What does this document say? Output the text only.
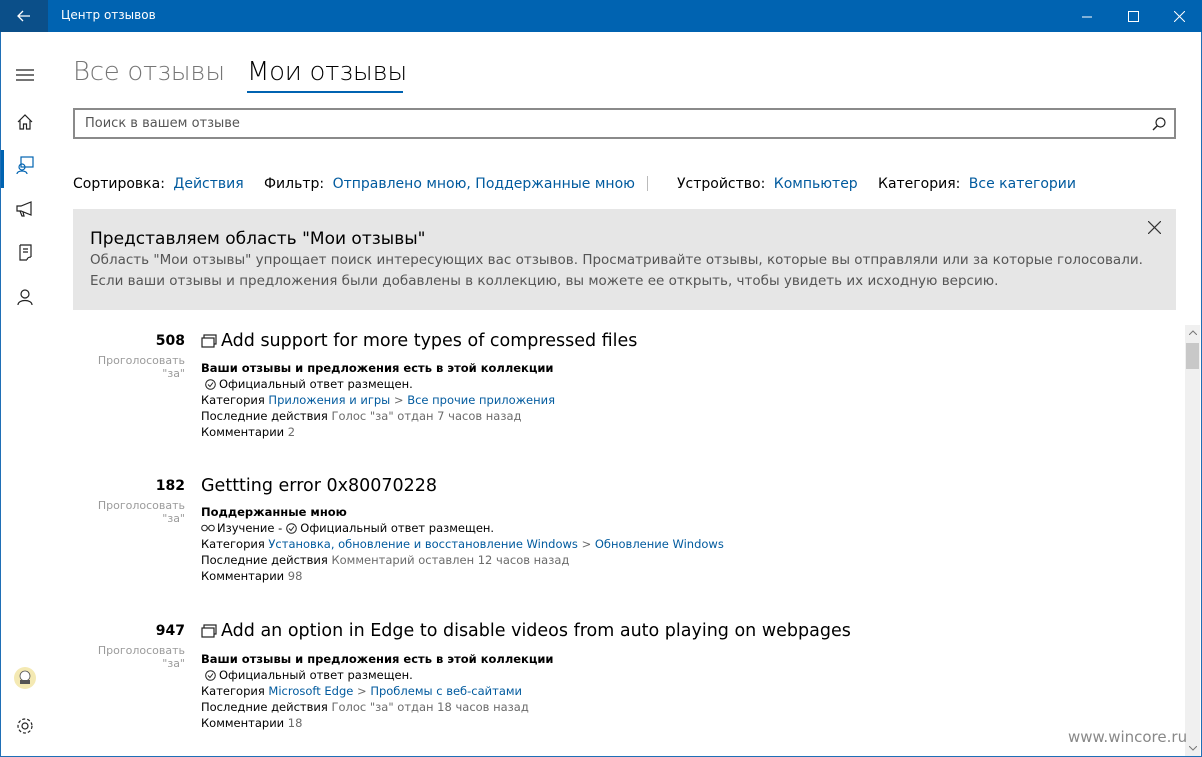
Центр отзывов
Все отзывы Мои отзывы
Поиск в вашем отзыве
Сортировка: Действия Фильтр: Отправлено мною, Поддержанные мною	Устройство: Компьютер Категория: Все категории
Представляем область "Мои отзывы"
Область "Мои отзывы" упрощает поиск интересующих вас отзывов. Просматривайте отзывы, которые вы отправляли или за которые голосовали.
Если ваши отзывы и предложения были добавлены в коллекцию, вы можете ее открыть, чтобы увидеть их исходную версию.
508
Проголосовать "за"
Add support for more types of compressed files
Ваши отзывы и предложения есть в этой коллекции
Официальный ответ размещен.
Категория Приложения и игры > Все прочие приложения
Последние действия Голос "за" отдан 7 часов назад
Комментарии 2
182
Проголосовать "за"
Gettting error 0x80070228
Поддержанные мною
Изучение - Официальный ответ размещен.
Категория Установка, обновление и восстановление Windows > Обновление Windows
Последние действия Комментарий оставлен 12 часов назад
Комментарии 98
947
Проголосовать "за"
Add an option in Edge to disable videos from auto playing on webpages
Ваши отзывы и предложения есть в этой коллекции
Официальный ответ размещен.
Категория Microsoft Edge > Проблемы с веб-сайтами
Последние действия Голос "за" отдан 18 часов назад
Комментарии 18
www.wincore.ru
